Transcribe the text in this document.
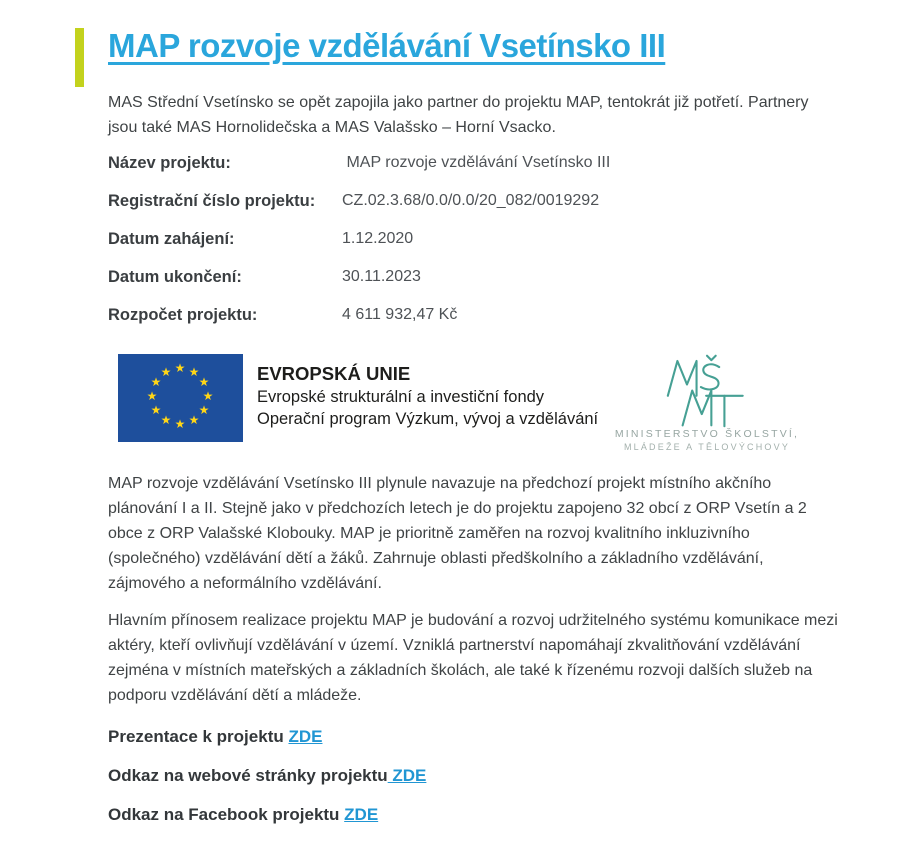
MAP rozvoje vzdělávání Vsetínsko III

MAS Střední Vsetínsko se opět zapojila jako partner do projektu MAP, tentokrát již potřetí. Partnery jsou také MAS Hornolidečska a MAS Valašsko – Horní Vsacko.

Název projektu:	MAP rozvoje vzdělávání Vsetínsko III
Registrační číslo projektu:	CZ.02.3.68/0.0/0.0/20_082/0019292
Datum zahájení:	1.12.2020
Datum ukončení:	30.11.2023
Rozpočet projektu:	4 611 932,47 Kč
★
★
★
★
★
★
★
★
★
★
★
★
EVROPSKÁ UNIE
Evropské strukturální a investiční fondy
Operační program Výzkum, vývoj a vzdělávání
MINISTERSTVO ŠKOLSTVÍ,
MLÁDEŽE A TĚLOVÝCHOVY

MAP rozvoje vzdělávání Vsetínsko III plynule navazuje na předchozí projekt místního akčního plánování I a II. Stejně jako v předchozích letech je do projektu zapojeno 32 obcí z ORP Vsetín a 2 obce z ORP Valašské Klobouky. MAP je prioritně zaměřen na rozvoj kvalitního inkluzivního (společného) vzdělávání dětí a žáků. Zahrnuje oblasti předškolního a základního vzdělávání, zájmového a neformálního vzdělávání.

Hlavním přínosem realizace projektu MAP je budování a rozvoj udržitelného systému komunikace mezi aktéry, kteří ovlivňují vzdělávání v území. Vzniklá partnerství napomáhají zkvalitňování vzdělávání zejména v místních mateřských a základních školách, ale také k řízenému rozvoji dalších služeb na podporu vzdělávání dětí a mládeže.

Prezentace k projektu ZDE

Odkaz na webové stránky projektu ZDE

Odkaz na Facebook projektu ZDE
